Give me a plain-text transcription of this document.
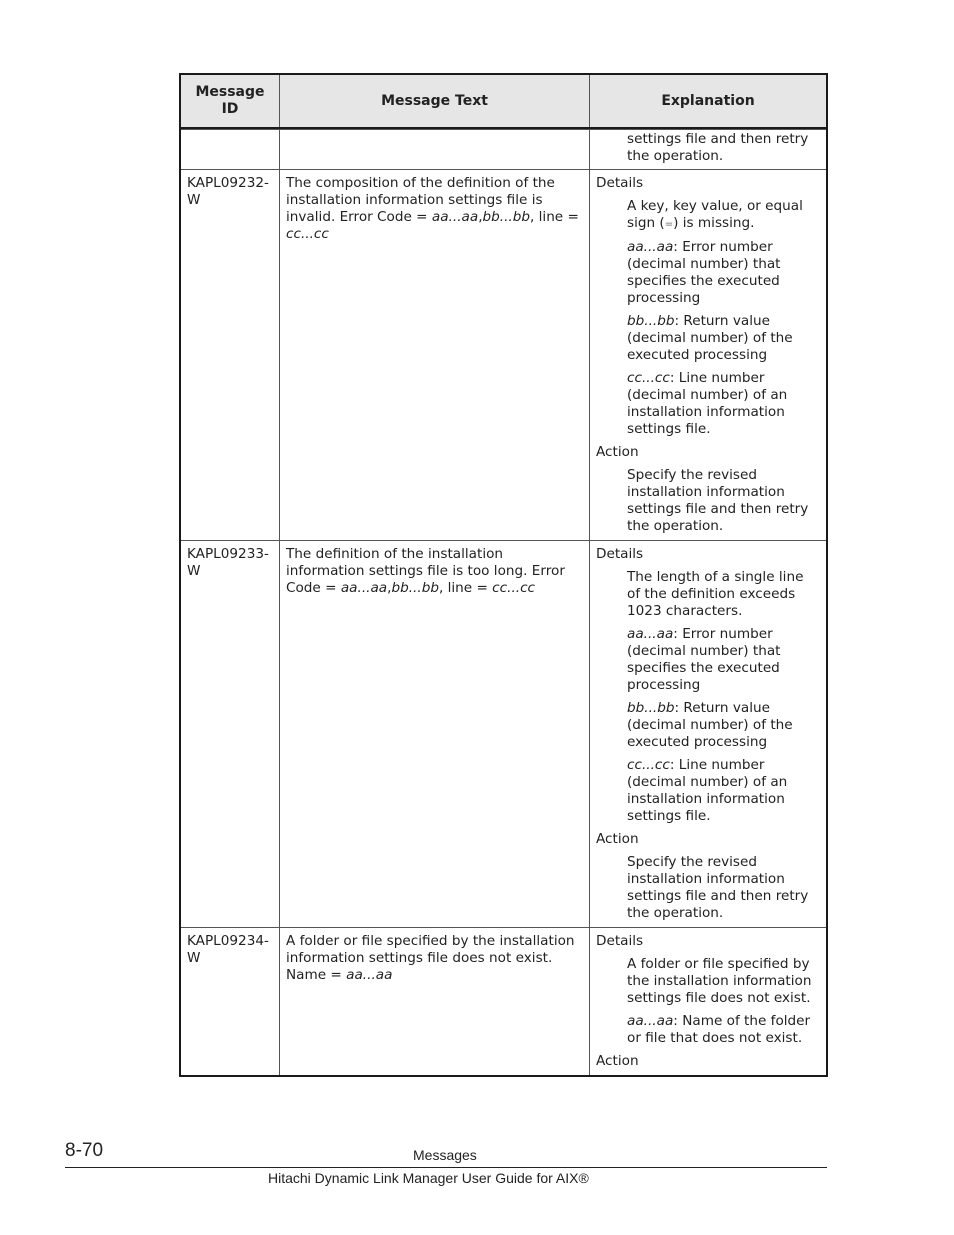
Message ID
Message Text	Explanation
settings file and then retry
the operation.
KAPL09232-W
The composition of the definition of the installation information settings file is invalid. Error Code = aa...aa,bb...bb, line = cc...cc
Details
A key, key value, or equal sign (=) is missing.
aa...aa: Error number (decimal number) that specifies the executed processing
bb...bb: Return value (decimal number) of the executed processing
cc...cc: Line number (decimal number) of an installation information settings file.
Action
Specify the revised installation information settings file and then retry the operation.
KAPL09233-W
The definition of the installation information settings file is too long. Error Code = aa...aa,bb...bb, line = cc...cc
Details
The length of a single line of the definition exceeds 1023 characters.
aa...aa: Error number (decimal number) that specifies the executed processing
bb...bb: Return value (decimal number) of the executed processing
cc...cc: Line number (decimal number) of an installation information settings file.
Action
Specify the revised installation information settings file and then retry the operation.
KAPL09234-W
A folder or file specified by the installation information settings file does not exist. Name = aa...aa
Details
A folder or file specified by the installation information settings file does not exist.
aa...aa: Name of the folder or file that does not exist.
Action
8-70	Messages
Hitachi Dynamic Link Manager User Guide for AIX®
